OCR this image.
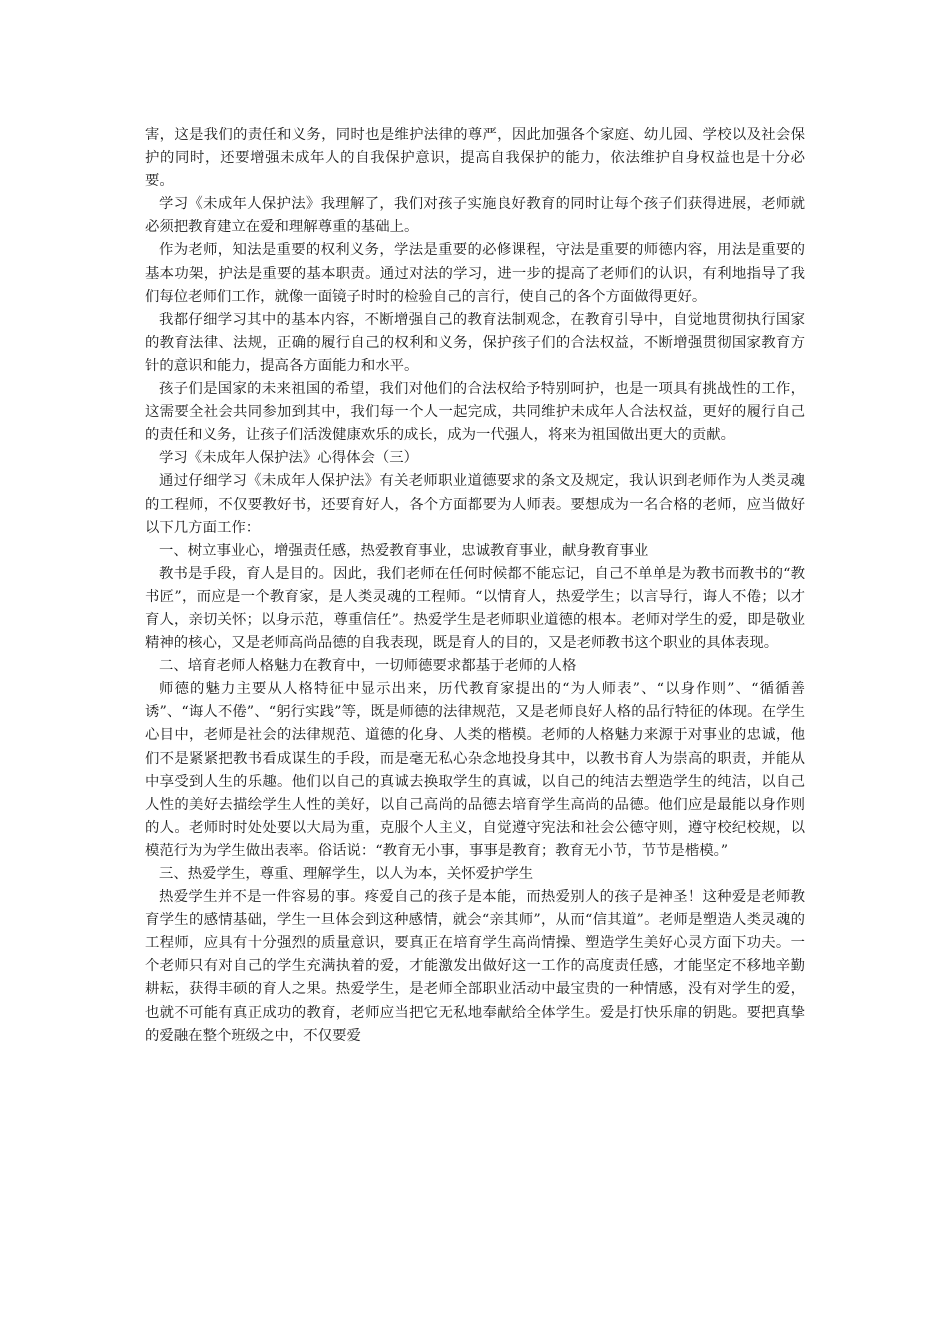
害，这是我们的责任和义务，同时也是维护法律的尊严，因此加强各个家庭、幼儿园、学校以及社会保护的同时，还要增强未成年人的自我保护意识，提高自我保护的能力，依法维护自身权益也是十分必要。

学习《未成年人保护法》我理解了，我们对孩子实施良好教育的同时让每个孩子们获得进展，老师就必须把教育建立在爱和理解尊重的基础上。

作为老师，知法是重要的权利义务，学法是重要的必修课程，守法是重要的师德内容，用法是重要的基本功架，护法是重要的基本职责。通过对法的学习，进一步的提高了老师们的认识，有利地指导了我们每位老师们工作，就像一面镜子时时的检验自己的言行，使自己的各个方面做得更好。

我都仔细学习其中的基本内容，不断增强自己的教育法制观念，在教育引导中，自觉地贯彻执行国家的教育法律、法规，正确的履行自己的权利和义务，保护孩子们的合法权益，不断增强贯彻国家教育方针的意识和能力，提高各方面能力和水平。

孩子们是国家的未来祖国的希望，我们对他们的合法权给予特别呵护，也是一项具有挑战性的工作，这需要全社会共同参加到其中，我们每一个人一起完成，共同维护未成年人合法权益，更好的履行自己的责任和义务，让孩子们活泼健康欢乐的成长，成为一代强人，将来为祖国做出更大的贡献。

学习《未成年人保护法》心得体会（三）

通过仔细学习《未成年人保护法》有关老师职业道德要求的条文及规定，我认识到老师作为人类灵魂的工程师，不仅要教好书，还要育好人，各个方面都要为人师表。要想成为一名合格的老师，应当做好以下几方面工作：

一、树立事业心，增强责任感，热爱教育事业，忠诚教育事业，献身教育事业

教书是手段，育人是目的。因此，我们老师在任何时候都不能忘记，自己不单单是为教书而教书的“教书匠”，而应是一个教育家，是人类灵魂的工程师。“以情育人，热爱学生；以言导行，诲人不倦；以才育人，亲切关怀；以身示范，尊重信任”。热爱学生是老师职业道德的根本。老师对学生的爱，即是敬业精神的核心，又是老师高尚品德的自我表现，既是育人的目的，又是老师教书这个职业的具体表现。

二、培育老师人格魅力在教育中，一切师德要求都基于老师的人格

师德的魅力主要从人格特征中显示出来，历代教育家提出的“为人师表”、“以身作则”、“循循善诱”、“诲人不倦”、“躬行实践”等，既是师德的法律规范，又是老师良好人格的品行特征的体现。在学生心目中，老师是社会的法律规范、道德的化身、人类的楷模。老师的人格魅力来源于对事业的忠诚，他们不是紧紧把教书看成谋生的手段，而是毫无私心杂念地投身其中，以教书育人为崇高的职责，并能从中享受到人生的乐趣。他们以自己的真诚去换取学生的真诚，以自己的纯洁去塑造学生的纯洁，以自己人性的美好去描绘学生人性的美好，以自己高尚的品德去培育学生高尚的品德。他们应是最能以身作则的人。老师时时处处要以大局为重，克服个人主义，自觉遵守宪法和社会公德守则，遵守校纪校规，以模范行为为学生做出表率。俗话说：“教育无小事，事事是教育；教育无小节，节节是楷模。”

三、热爱学生，尊重、理解学生，以人为本，关怀爱护学生

热爱学生并不是一件容易的事。疼爱自己的孩子是本能，而热爱别人的孩子是神圣！这种爱是老师教育学生的感情基础，学生一旦体会到这种感情，就会“亲其师”，从而“信其道”。老师是塑造人类灵魂的工程师，应具有十分强烈的质量意识，要真正在培育学生高尚情操、塑造学生美好心灵方面下功夫。一个老师只有对自己的学生充满执着的爱，才能激发出做好这一工作的高度责任感，才能坚定不移地辛勤耕耘，获得丰硕的育人之果。热爱学生，是老师全部职业活动中最宝贵的一种情感，没有对学生的爱，也就不可能有真正成功的教育，老师应当把它无私地奉献给全体学生。爱是打快乐扉的钥匙。要把真挚的爱融在整个班级之中，不仅要爱
